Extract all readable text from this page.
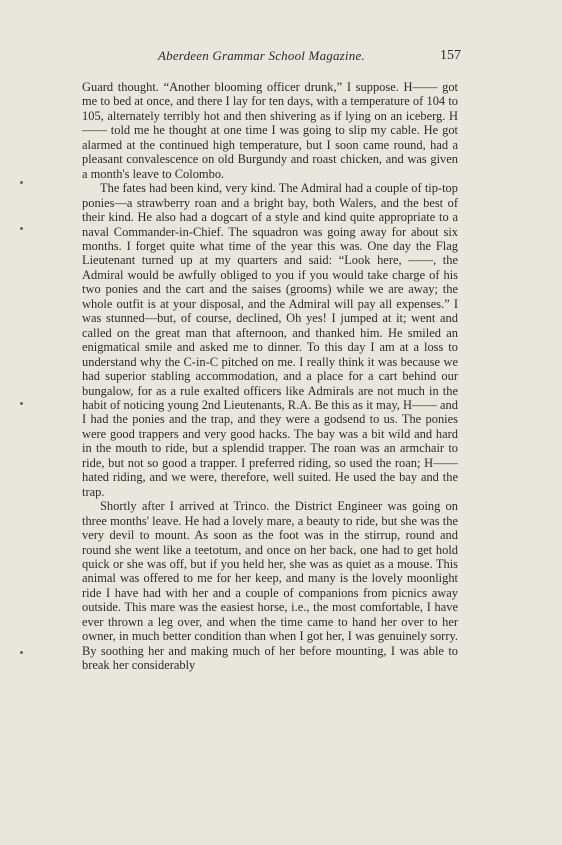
Aberdeen Grammar School Magazine.	157

Guard thought. “Another blooming officer drunk,” I suppose. H—— got me to bed at once, and there I lay for ten days, with a temperature of 104 to 105, alternately terribly hot and then shivering as if lying on an iceberg. H—— told me he thought at one time I was going to slip my cable. He got alarmed at the continued high temperature, but I soon came round, had a pleasant convalescence on old Burgundy and roast chicken, and was given a month's leave to Colombo.

The fates had been kind, very kind. The Admiral had a couple of tip-top ponies—a strawberry roan and a bright bay, both Walers, and the best of their kind. He also had a dogcart of a style and kind quite appropriate to a naval Commander-in-Chief. The squadron was going away for about six months. I forget quite what time of the year this was. One day the Flag Lieutenant turned up at my quarters and said: “Look here, ——, the Admiral would be awfully obliged to you if you would take charge of his two ponies and the cart and the saises (grooms) while we are away; the whole outfit is at your disposal, and the Admiral will pay all expenses.” I was stunned—but, of course, declined, Oh yes! I jumped at it; went and called on the great man that afternoon, and thanked him. He smiled an enigmatical smile and asked me to dinner. To this day I am at a loss to understand why the C-in-C pitched on me. I really think it was because we had superior stabling accommodation, and a place for a cart behind our bungalow, for as a rule exalted officers like Admirals are not much in the habit of noticing young 2nd Lieutenants, R.A. Be this as it may, H—— and I had the ponies and the trap, and they were a godsend to us. The ponies were good trappers and very good hacks. The bay was a bit wild and hard in the mouth to ride, but a splendid trapper. The roan was an armchair to ride, but not so good a trapper. I preferred riding, so used the roan; H—— hated riding, and we were, therefore, well suited. He used the bay and the trap.

Shortly after I arrived at Trinco. the District Engineer was going on three months' leave. He had a lovely mare, a beauty to ride, but she was the very devil to mount. As soon as the foot was in the stirrup, round and round she went like a teetotum, and once on her back, one had to get hold quick or she was off, but if you held her, she was as quiet as a mouse. This animal was offered to me for her keep, and many is the lovely moonlight ride I have had with her and a couple of companions from picnics away outside. This mare was the easiest horse, i.e., the most comfortable, I have ever thrown a leg over, and when the time came to hand her over to her owner, in much better condition than when I got her, I was genuinely sorry. By soothing her and making much of her before mounting, I was able to break her considerably
